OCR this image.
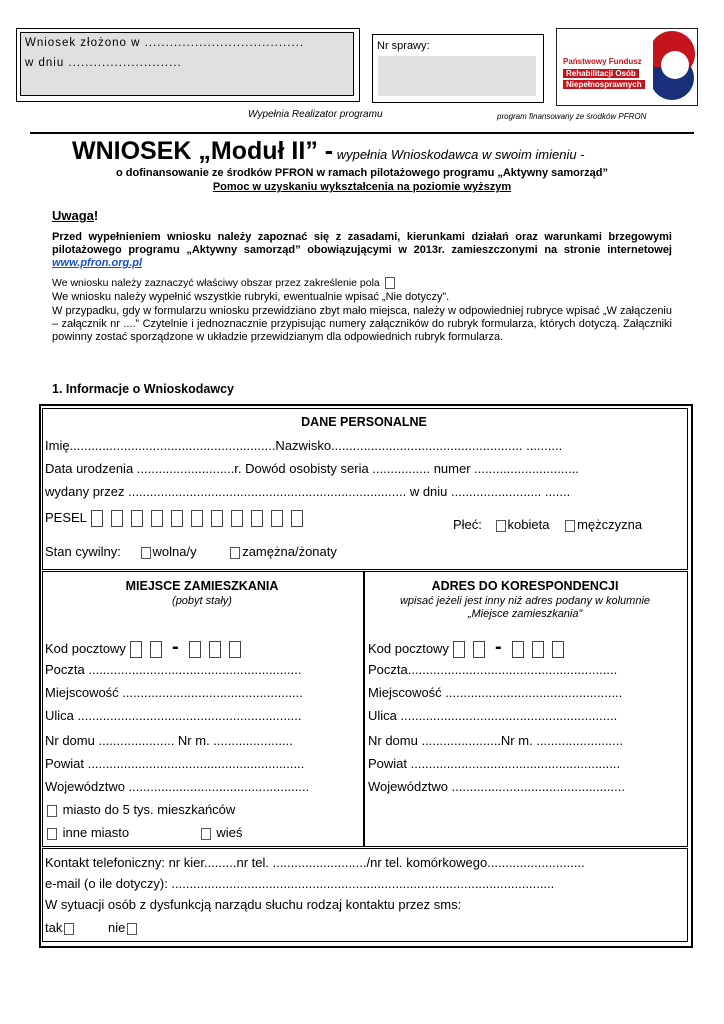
Wniosek złożono w ......................................
w dniu ...........................
Nr sprawy:
Państwowy Fundusz
Rehabilitacji Osób
Niepełnosprawnych
Wypełnia Realizator programu	program finansowany ze środków PFRON
WNIOSEK „Moduł II” - wypełnia Wnioskodawca w swoim imieniu -
o dofinansowanie ze środków PFRON w ramach pilotażowego programu „Aktywny samorząd”
Pomoc w uzyskaniu wykształcenia na poziomie wyższym
Uwaga!
Przed wypełnieniem wniosku należy zapoznać się z zasadami, kierunkami działań oraz warunkami brzegowymi pilotażowego programu „Aktywny samorząd” obowiązującymi w 2013r. zamieszczonymi na stronie internetowej www.pfron.org.pl
We wniosku należy zaznaczyć właściwy obszar przez zakreślenie pola
We wniosku należy wypełnić wszystkie rubryki, ewentualnie wpisać „Nie dotyczy”.
W przypadku, gdy w formularzu wniosku przewidziano zbyt mało miejsca, należy w odpowiedniej rubryce wpisać „W załączeniu – załącznik nr ....” Czytelnie i jednoznacznie przypisując numery załączników do rubryk formularza, których dotyczą. Załączniki powinny zostać sporządzone w układzie przewidzianym dla odpowiednich rubryk formularza.
1. Informacje o Wnioskodawcy
DANE PERSONALNE
Imię.........................................................Nazwisko..................................................... ..........
Data urodzenia ...........................r. Dowód osobisty seria ................ numer .............................
wydany przez ............................................................................. w dniu ......................... .......
PESEL	Płeć: kobieta mężczyzna
Stan cywilny: wolna/y	zamężna/żonaty
MIEJSCE ZAMIESZKANIA
(pobyt stały)
Kod pocztowy -
Poczta ...........................................................
Miejscowość ..................................................
Ulica ..............................................................
Nr domu ..................... Nr m. ......................
Powiat ............................................................
Województwo ..................................................
miasto do 5 tys. mieszkańców
inne miasto	wieś
ADRES DO KORESPONDENCJI
wpisać jeżeli jest inny niż adres podany w kolumnie
„Miejsce zamieszkania”
Kod pocztowy -
Poczta..........................................................
Miejscowość .................................................
Ulica ............................................................
Nr domu ......................Nr m. ........................
Powiat ..........................................................
Województwo ................................................
Kontakt telefoniczny: nr kier.........nr tel. ........................../nr tel. komórkowego...........................
e-mail (o ile dotyczy): ..........................................................................................................
W sytuacji osób z dysfunkcją narządu słuchu rodzaj kontaktu przez sms:
tak	nie
